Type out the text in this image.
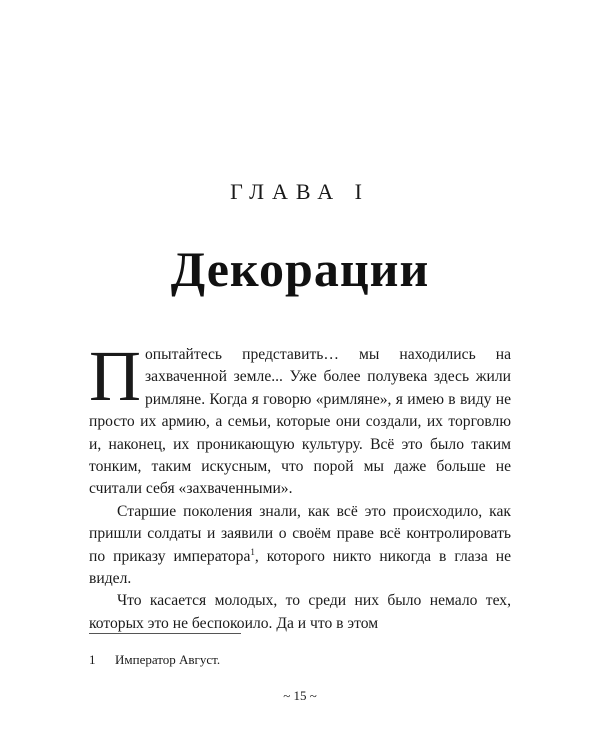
ГЛАВА I
Декорации

Попытайтесь представить… мы находились на захваченной земле... Уже более полувека здесь жили римляне. Когда я говорю «римляне», я имею в виду не просто их армию, а семьи, которые они создали, их торговлю и, наконец, их проникающую культуру. Всё это было таким тонким, таким искусным, что порой мы даже больше не считали себя «захваченными».

Старшие поколения знали, как всё это происходило, как пришли солдаты и заявили о своём праве всё контролировать по приказу императора$^1$, которого никто никогда в глаза не видел.

Что касается молодых, то среди них было немало тех, которых это не беспокоило. Да и что в этом

1 Император Август.
~ 15 ~
